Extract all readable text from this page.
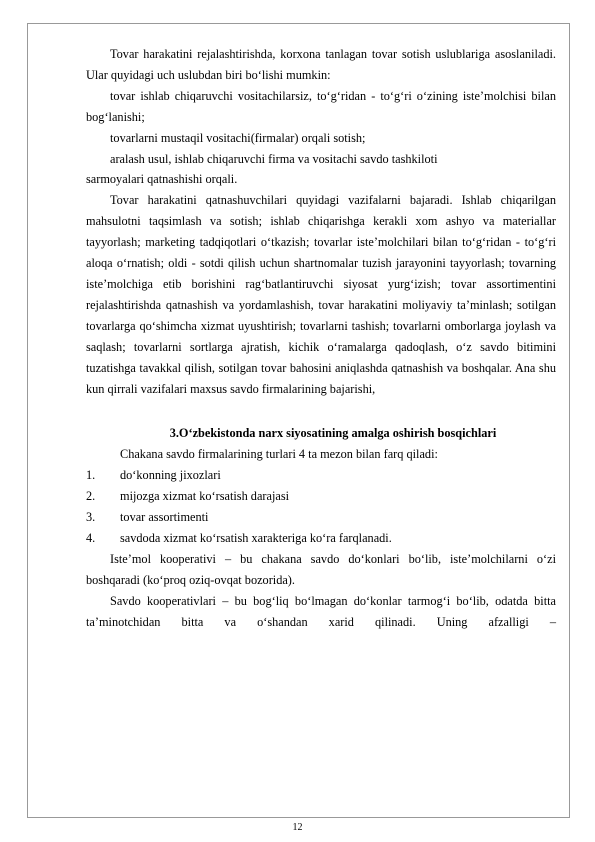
Tovar harakatini rejalashtirishda, korxona tanlagan tovar sotish uslublariga asoslaniladi. Ular quyidagi uch uslubdan biri bo‘lishi mumkin:

tovar ishlab chiqaruvchi vositachilarsiz, to‘g‘ridan - to‘g‘ri o‘zining iste’molchisi bilan bog‘lanishi;

tovarlarni mustaqil vositachi(firmalar) orqali sotish;

aralash usul, ishlab chiqaruvchi firma va vositachi savdo tashkiloti

sarmoyalari qatnashishi orqali.

Tovar harakatini qatnashuvchilari quyidagi vazifalarni bajaradi. Ishlab chiqarilgan mahsulotni taqsimlash va sotish; ishlab chiqarishga kerakli xom ashyo va materiallar tayyorlash; marketing tadqiqotlari o‘tkazish; tovarlar iste’molchilari bilan to‘g‘ridan - to‘g‘ri aloqa o‘rnatish; oldi - sotdi qilish uchun shartnomalar tuzish jarayonini tayyorlash; tovarning iste’molchiga etib borishini rag‘batlantiruvchi siyosat yurg‘izish; tovar assortimentini rejalashtirishda qatnashish va yordamlashish, tovar harakatini moliyaviy ta’minlash; sotilgan tovarlarga qo‘shimcha xizmat uyushtirish; tovarlarni tashish; tovarlarni omborlarga joylash va saqlash; tovarlarni sortlarga ajratish, kichik o‘ramalarga qadoqlash, o‘z savdo bitimini tuzatishga tavakkal qilish, sotilgan tovar bahosini aniqlashda qatnashish va boshqalar. Ana shu kun qirrali vazifalari maxsus savdo firmalarining bajarishi,

3.O‘zbekistonda narx siyosatining amalga oshirish bosqichlari

Chakana savdo firmalarining turlari 4 ta mezon bilan farq qiladi:

1.	do‘konning jixozlari
2.	mijozga xizmat ko‘rsatish darajasi
3.	tovar assortimenti
4.	savdoda xizmat ko‘rsatish xarakteriga ko‘ra farqlanadi.

Iste’mol kooperativi – bu chakana savdo do‘konlari bo‘lib, iste’molchilarni o‘zi boshqaradi (ko‘proq oziq-ovqat bozorida).

Savdo kooperativlari – bu bog‘liq bo‘lmagan do‘konlar tarmog‘i bo‘lib, odatda bitta ta’minotchidan bitta va o‘shandan xarid qilinadi. Uning afzalligi –

12
